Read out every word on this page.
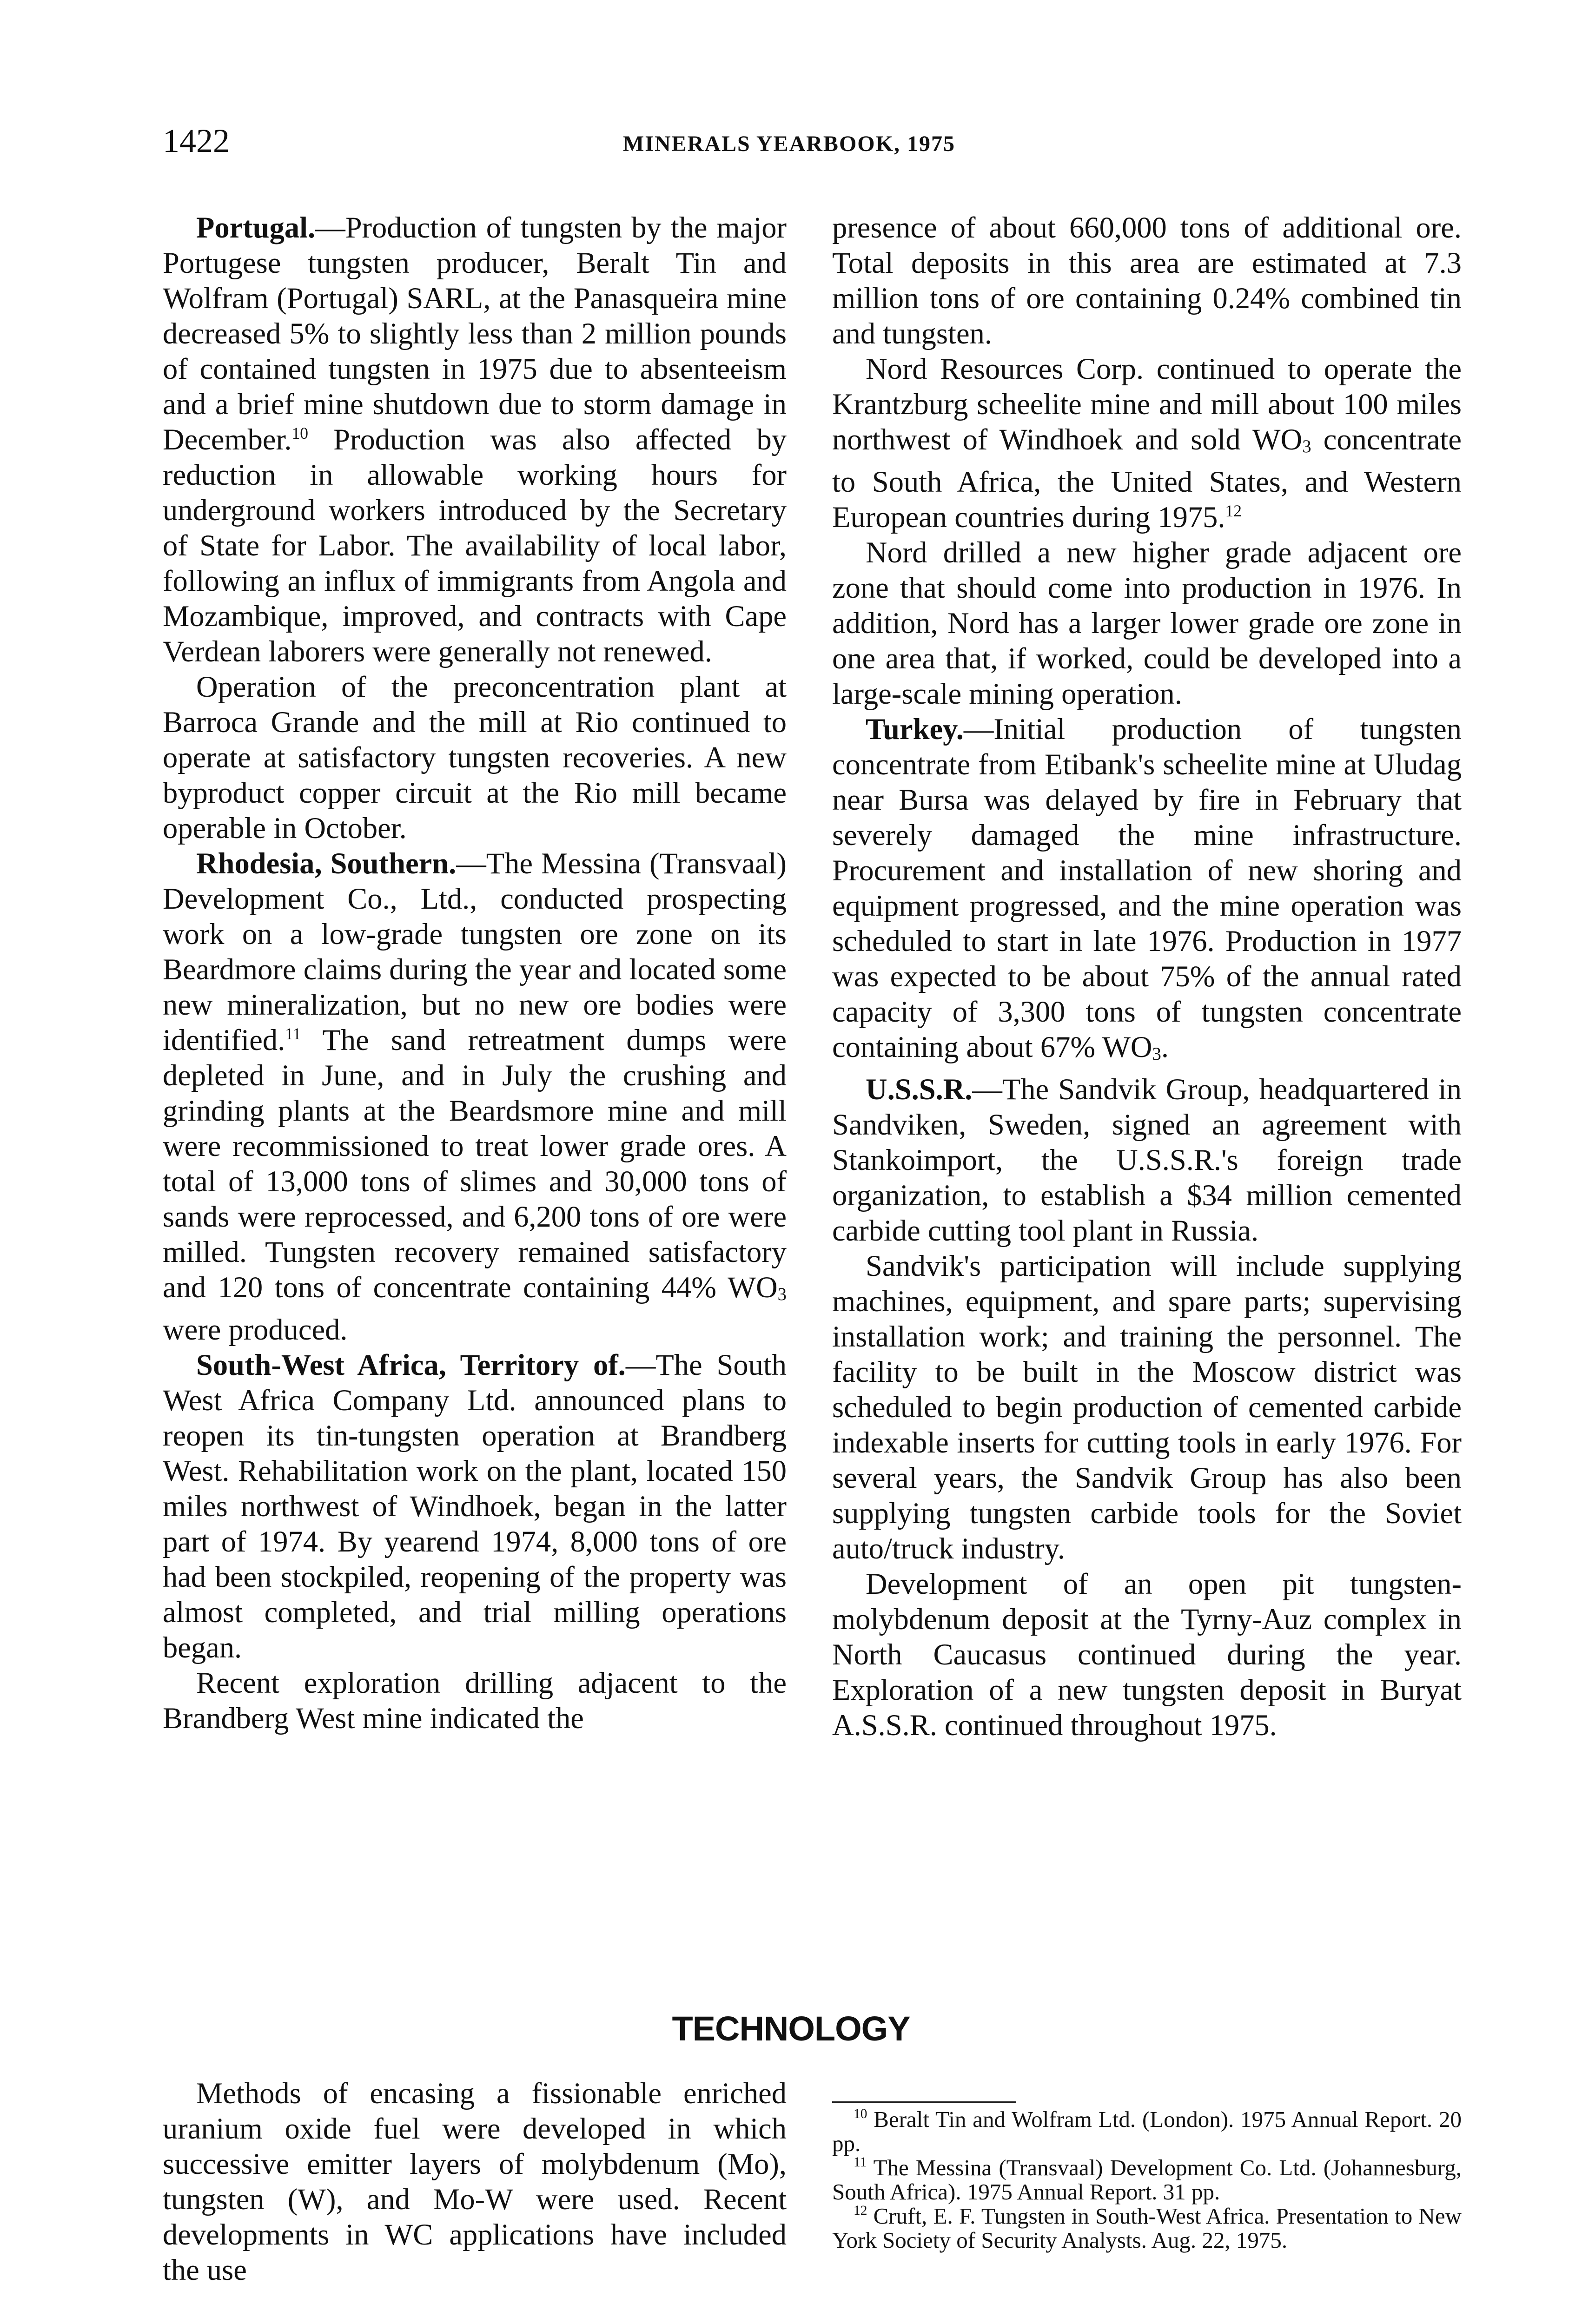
1422	MINERALS YEARBOOK, 1975

Portugal.—Production of tungsten by the major Portugese tungsten producer, Beralt Tin and Wolfram (Portugal) SARL, at the Panasqueira mine decreased 5% to slightly less than 2 million pounds of contained tungsten in 1975 due to absenteeism and a brief mine shutdown due to storm damage in December.$^{10}$ Production was also affected by reduction in allowable working hours for underground workers introduced by the Secretary of State for Labor. The availability of local labor, following an influx of immigrants from Angola and Mozambique, improved, and contracts with Cape Verdean laborers were generally not renewed.

Operation of the preconcentration plant at Barroca Grande and the mill at Rio continued to operate at satisfactory tungsten recoveries. A new byproduct copper circuit at the Rio mill became operable in October.

Rhodesia, Southern.—The Messina (Transvaal) Development Co., Ltd., conducted prospecting work on a low-grade tungsten ore zone on its Beardmore claims during the year and located some new mineralization, but no new ore bodies were identified.$^{11}$ The sand retreatment dumps were depleted in June, and in July the crushing and grinding plants at the Beardsmore mine and mill were recommissioned to treat lower grade ores. A total of 13,000 tons of slimes and 30,000 tons of sands were reprocessed, and 6,200 tons of ore were milled. Tungsten recovery remained satisfactory and 120 tons of concentrate containing 44% $WO_3$ were produced.

South-West Africa, Territory of.—The South West Africa Company Ltd. announced plans to reopen its tin-tungsten operation at Brandberg West. Rehabilitation work on the plant, located 150 miles northwest of Windhoek, began in the latter part of 1974. By yearend 1974, 8,000 tons of ore had been stockpiled, reopening of the property was almost completed, and trial milling operations began.

Recent exploration drilling adjacent to the Brandberg West mine indicated the

presence of about 660,000 tons of additional ore. Total deposits in this area are estimated at 7.3 million tons of ore containing 0.24% combined tin and tungsten.

Nord Resources Corp. continued to operate the Krantzburg scheelite mine and mill about 100 miles northwest of Windhoek and sold $WO_3$ concentrate to South Africa, the United States, and Western European countries during 1975.12

Nord drilled a new higher grade adjacent ore zone that should come into production in 1976. In addition, Nord has a larger lower grade ore zone in one area that, if worked, could be developed into a large-scale mining operation.

Turkey.—Initial production of tungsten concentrate from Etibank's scheelite mine at Uludag near Bursa was delayed by fire in February that severely damaged the mine infrastructure. Procurement and installation of new shoring and equipment progressed, and the mine operation was scheduled to start in late 1976. Production in 1977 was expected to be about 75% of the annual rated capacity of 3,300 tons of tungsten concentrate containing about 67% $WO_3$.

U.S.S.R.—The Sandvik Group, headquartered in Sandviken, Sweden, signed an agreement with Stankoimport, the U.S.S.R.'s foreign trade organization, to establish a $34 million cemented carbide cutting tool plant in Russia.

Sandvik's participation will include supplying machines, equipment, and spare parts; supervising installation work; and training the personnel. The facility to be built in the Moscow district was scheduled to begin production of cemented carbide indexable inserts for cutting tools in early 1976. For several years, the Sandvik Group has also been supplying tungsten carbide tools for the Soviet auto/truck industry.

Development of an open pit tungsten-molybdenum deposit at the Tyrny-Auz complex in North Caucasus continued during the year. Exploration of a new tungsten deposit in Buryat A.S.S.R. continued throughout 1975.

TECHNOLOGY

Methods of encasing a fissionable enriched uranium oxide fuel were developed in which successive emitter layers of molybdenum (Mo), tungsten (W), and Mo-W were used. Recent developments in WC applications have included the use

$^{10}$ Beralt Tin and Wolfram Ltd. (London). 1975 Annual Report. 20 pp.

$^{11}$ The Messina (Transvaal) Development Co. Ltd. (Johannesburg, South Africa). 1975 Annual Report. 31 pp.

$^{12}$ Cruft, E. F. Tungsten in South-West Africa. Presentation to New York Society of Security Analysts. Aug. 22, 1975.
